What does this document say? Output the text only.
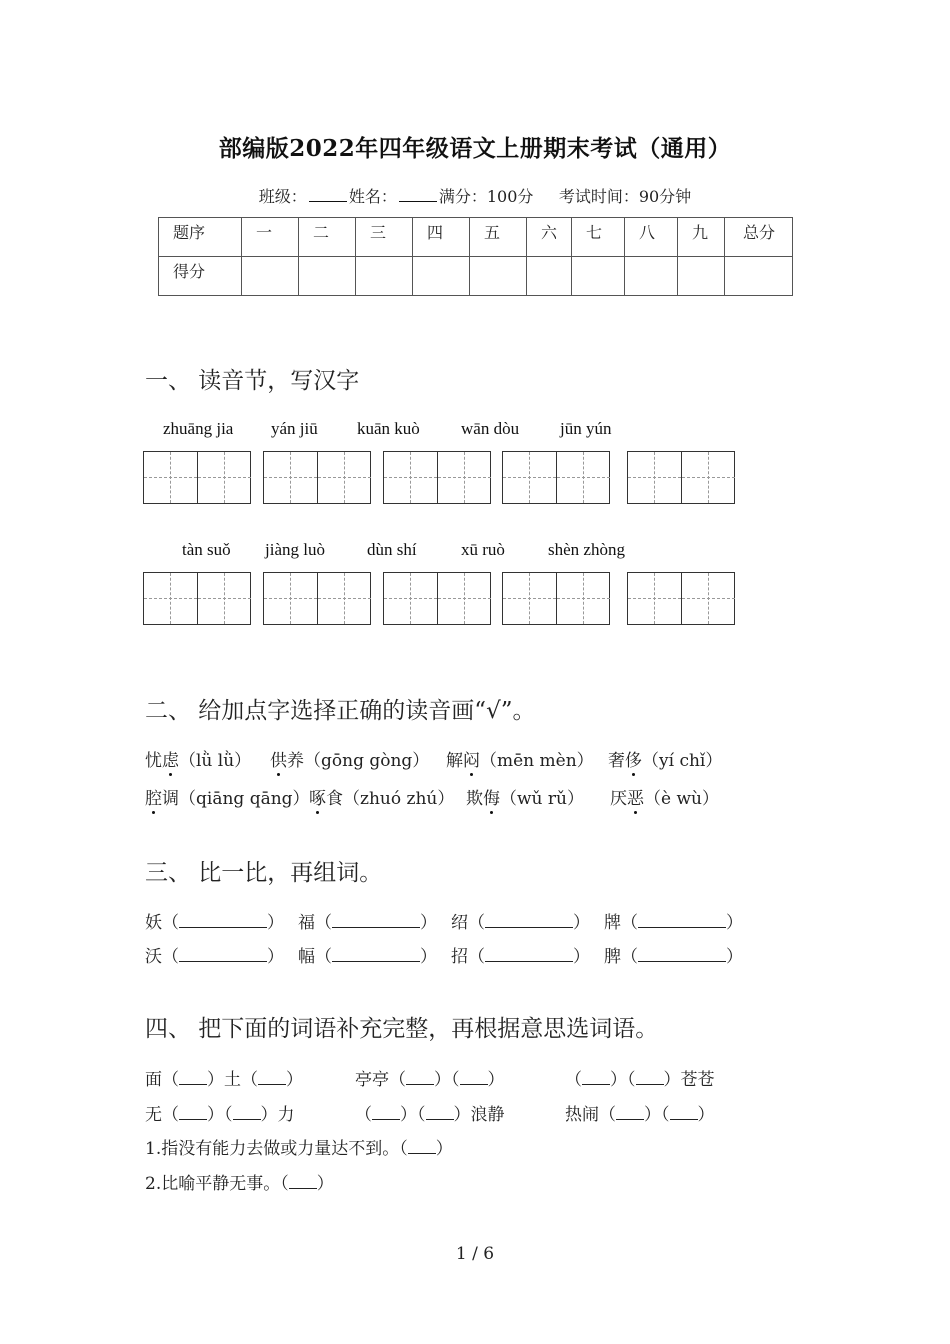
部编版2022年四年级语文上册期末考试（通用）
班级：	姓名：	满分：100分 考试时间：90分钟
题序	一	二	三	四	五	六	七	八	九	总分
得分										
一、 读音节，写汉字
zhuāng jia yán jiū kuān kuò wān dòu jūn yún
tàn suǒ jiàng luò dùn shí	xū ruò	shèn zhòng
二、 给加点字选择正确的读音画“√”。
忧虑（lǜ lǜ） 供养（gōng gòng） 解闷（mēn mèn） 奢侈（yí chǐ）
腔调（qiāng qāng） 啄食（zhuó zhú） 欺侮（wǔ rǔ） 厌恶（è wù）
三、 比一比，再组词。
妖（	） 福（	） 绍（	） 牌（	）
沃（	） 幅（	） 招（	） 脾（	）
四、 把下面的词语补充完整，再根据意思选词语。
面（ ）土（ ）	亭亭（ ）（ ）	（ ）（ ）苍苍
无（ ）（ ）力	（ ）（ ）浪静	热闹（ ）（ ）
1.指没有能力去做或力量达不到。（ ）
2.比喻平静无事。（ ）
1 / 6
